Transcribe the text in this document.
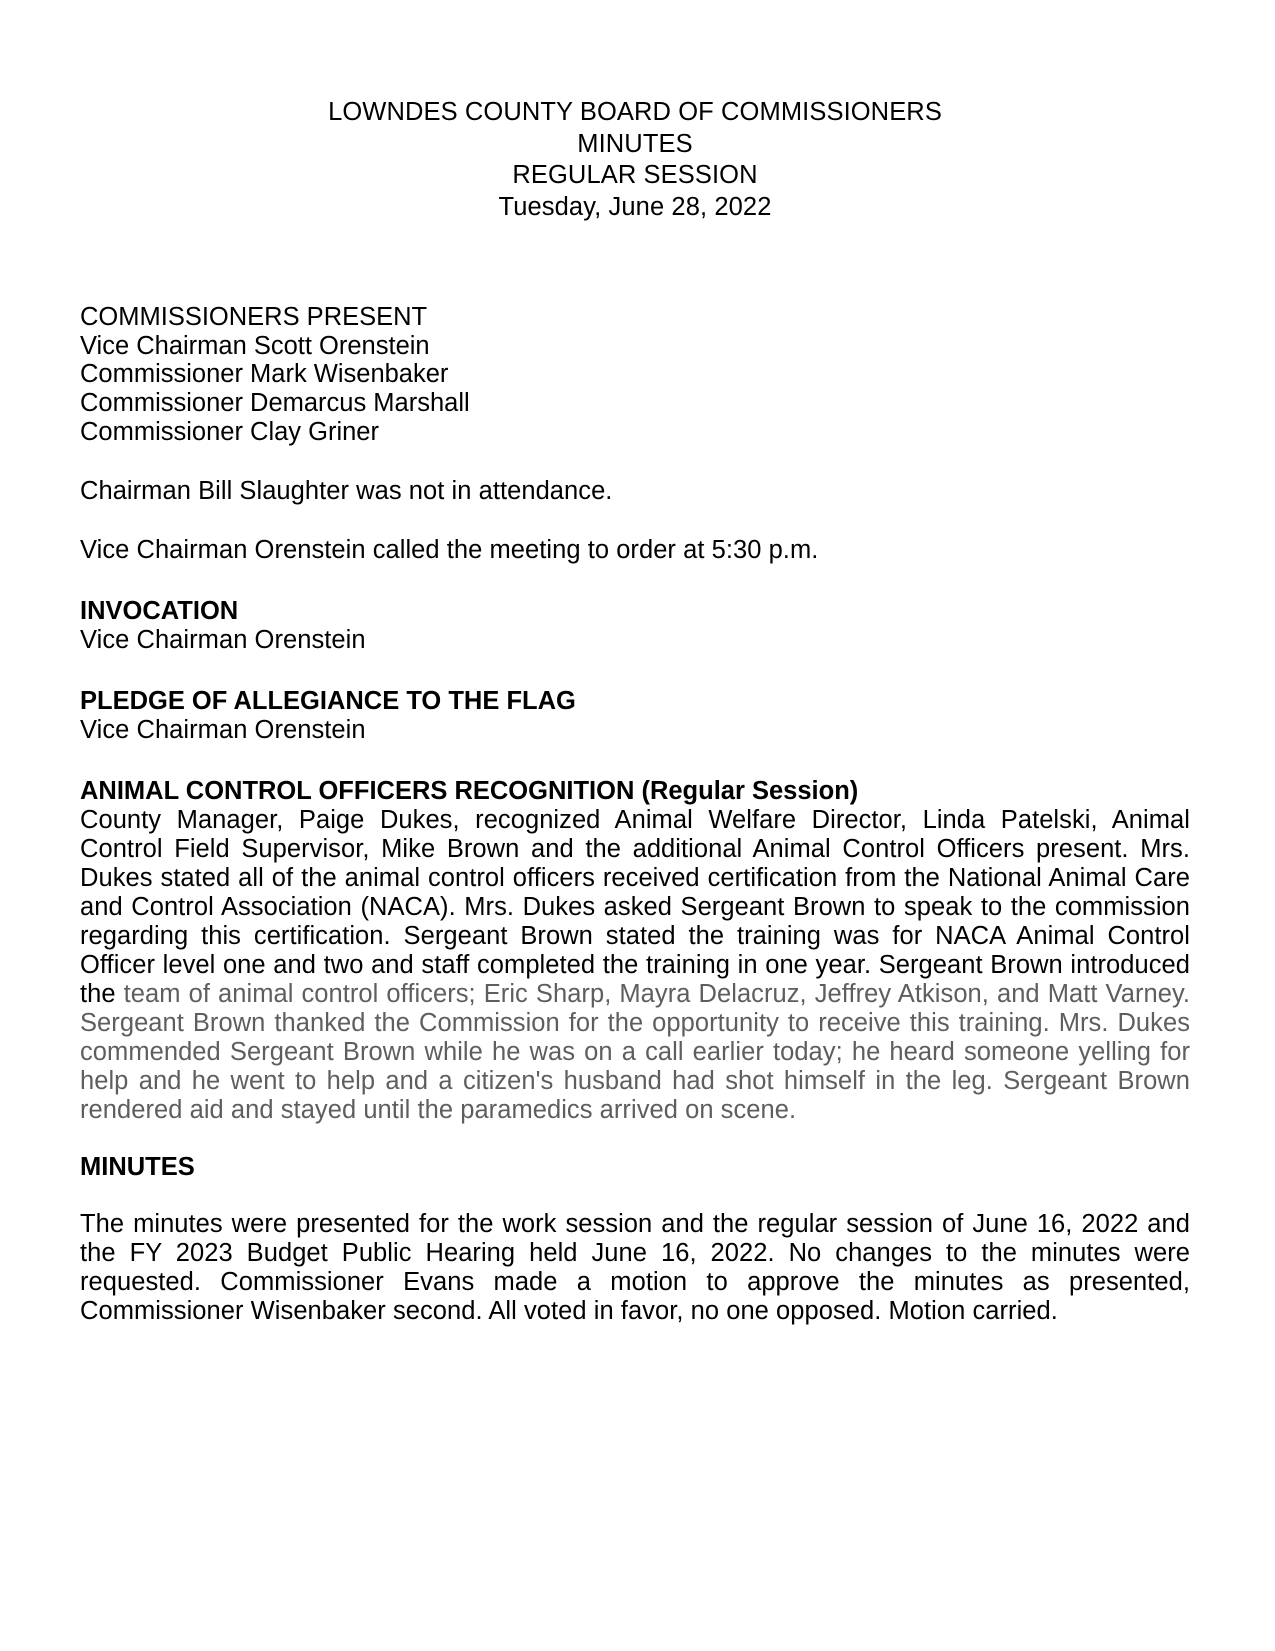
LOWNDES COUNTY BOARD OF COMMISSIONERS
MINUTES
REGULAR SESSION
Tuesday, June 28, 2022
COMMISSIONERS PRESENT
Vice Chairman Scott Orenstein
Commissioner Mark Wisenbaker
Commissioner Demarcus Marshall
Commissioner Clay Griner

Chairman Bill Slaughter was not in attendance.

Vice Chairman Orenstein called the meeting to order at 5:30 p.m.

INVOCATION

Vice Chairman Orenstein

PLEDGE OF ALLEGIANCE TO THE FLAG

Vice Chairman Orenstein

ANIMAL CONTROL OFFICERS RECOGNITION (Regular Session)

County Manager, Paige Dukes, recognized Animal Welfare Director, Linda Patelski, Animal Control Field Supervisor, Mike Brown and the additional Animal Control Officers present. Mrs. Dukes stated all of the animal control officers received certification from the National Animal Care and Control Association (NACA). Mrs. Dukes asked Sergeant Brown to speak to the commission regarding this certification. Sergeant Brown stated the training was for NACA Animal Control Officer level one and two and staff completed the training in one year. Sergeant Brown introduced the team of animal control officers; Eric Sharp, Mayra Delacruz, Jeffrey Atkison, and Matt Varney. Sergeant Brown thanked the Commission for the opportunity to receive this training. Mrs. Dukes commended Sergeant Brown while he was on a call earlier today; he heard someone yelling for help and he went to help and a citizen's husband had shot himself in the leg. Sergeant Brown rendered aid and stayed until the paramedics arrived on scene.

MINUTES

The minutes were presented for the work session and the regular session of June 16, 2022 and the FY 2023 Budget Public Hearing held June 16, 2022. No changes to the minutes were requested. Commissioner Evans made a motion to approve the minutes as presented, Commissioner Wisenbaker second. All voted in favor, no one opposed. Motion carried.
